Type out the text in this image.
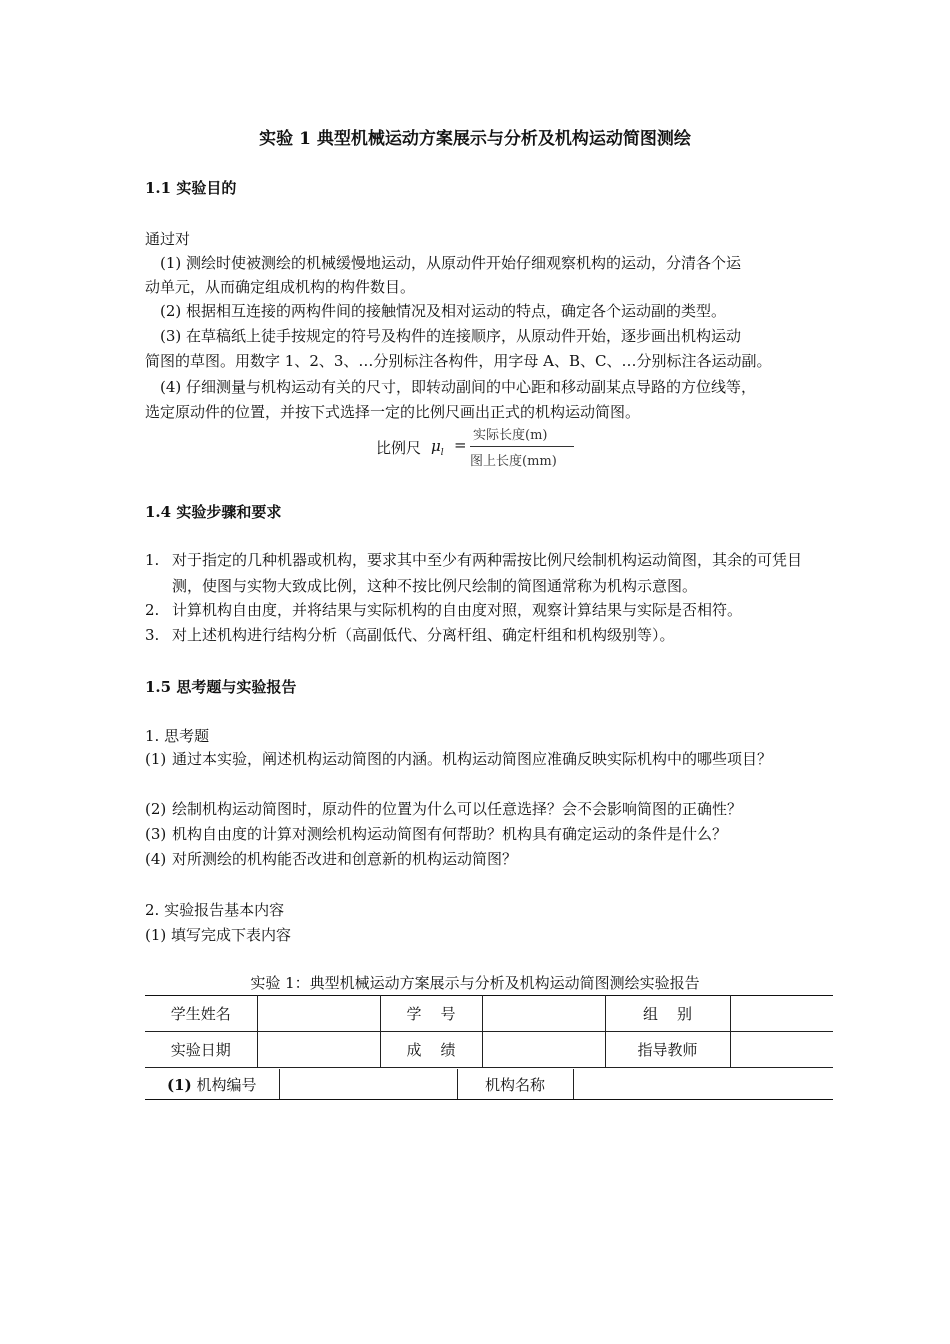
实验 1 典型机械运动方案展示与分析及机构运动简图测绘
1.1 实验目的
通过对
(1) 测绘时使被测绘的机械缓慢地运动，从原动件开始仔细观察机构的运动，分清各个运
动单元，从而确定组成机构的构件数目。
(2) 根据相互连接的两构件间的接触情况及相对运动的特点，确定各个运动副的类型。
(3) 在草稿纸上徒手按规定的符号及构件的连接顺序，从原动件开始，逐步画出机构运动
简图的草图。用数字 1、2、3、…分别标注各构件，用字母 A、B、C、…分别标注各运动副。
(4) 仔细测量与机构运动有关的尺寸，即转动副间的中心距和移动副某点导路的方位线等，
选定原动件的位置，并按下式选择一定的比例尺画出正式的机构运动简图。
比例尺 $\mu_l$ =
实际长度(m)
图上长度(mm)
1.4 实验步骤和要求
1. 对于指定的几种机器或机构，要求其中至少有两种需按比例尺绘制机构运动简图，其余的可凭目测，使图与实物大致成比例，这种不按比例尺绘制的简图通常称为机构示意图。
2. 计算机构自由度，并将结果与实际机构的自由度对照，观察计算结果与实际是否相符。
3. 对上述机构进行结构分析（高副低代、分离杆组、确定杆组和机构级别等）。
1.5 思考题与实验报告
1. 思考题
(1) 通过本实验，阐述机构运动简图的内涵。机构运动简图应准确反映实际机构中的哪些项目？
(2) 绘制机构运动简图时，原动件的位置为什么可以任意选择？会不会影响简图的正确性？
(3) 机构自由度的计算对测绘机构运动简图有何帮助？机构具有确定运动的条件是什么？
(4) 对所测绘的机构能否改进和创意新的机构运动简图？
2. 实验报告基本内容
(1) 填写完成下表内容
实验 1：典型机械运动方案展示与分析及机构运动简图测绘实验报告
学生姓名		学    号		组    别	
实验日期		成    绩		指导教师	
(1) 机构编号		机构名称	
